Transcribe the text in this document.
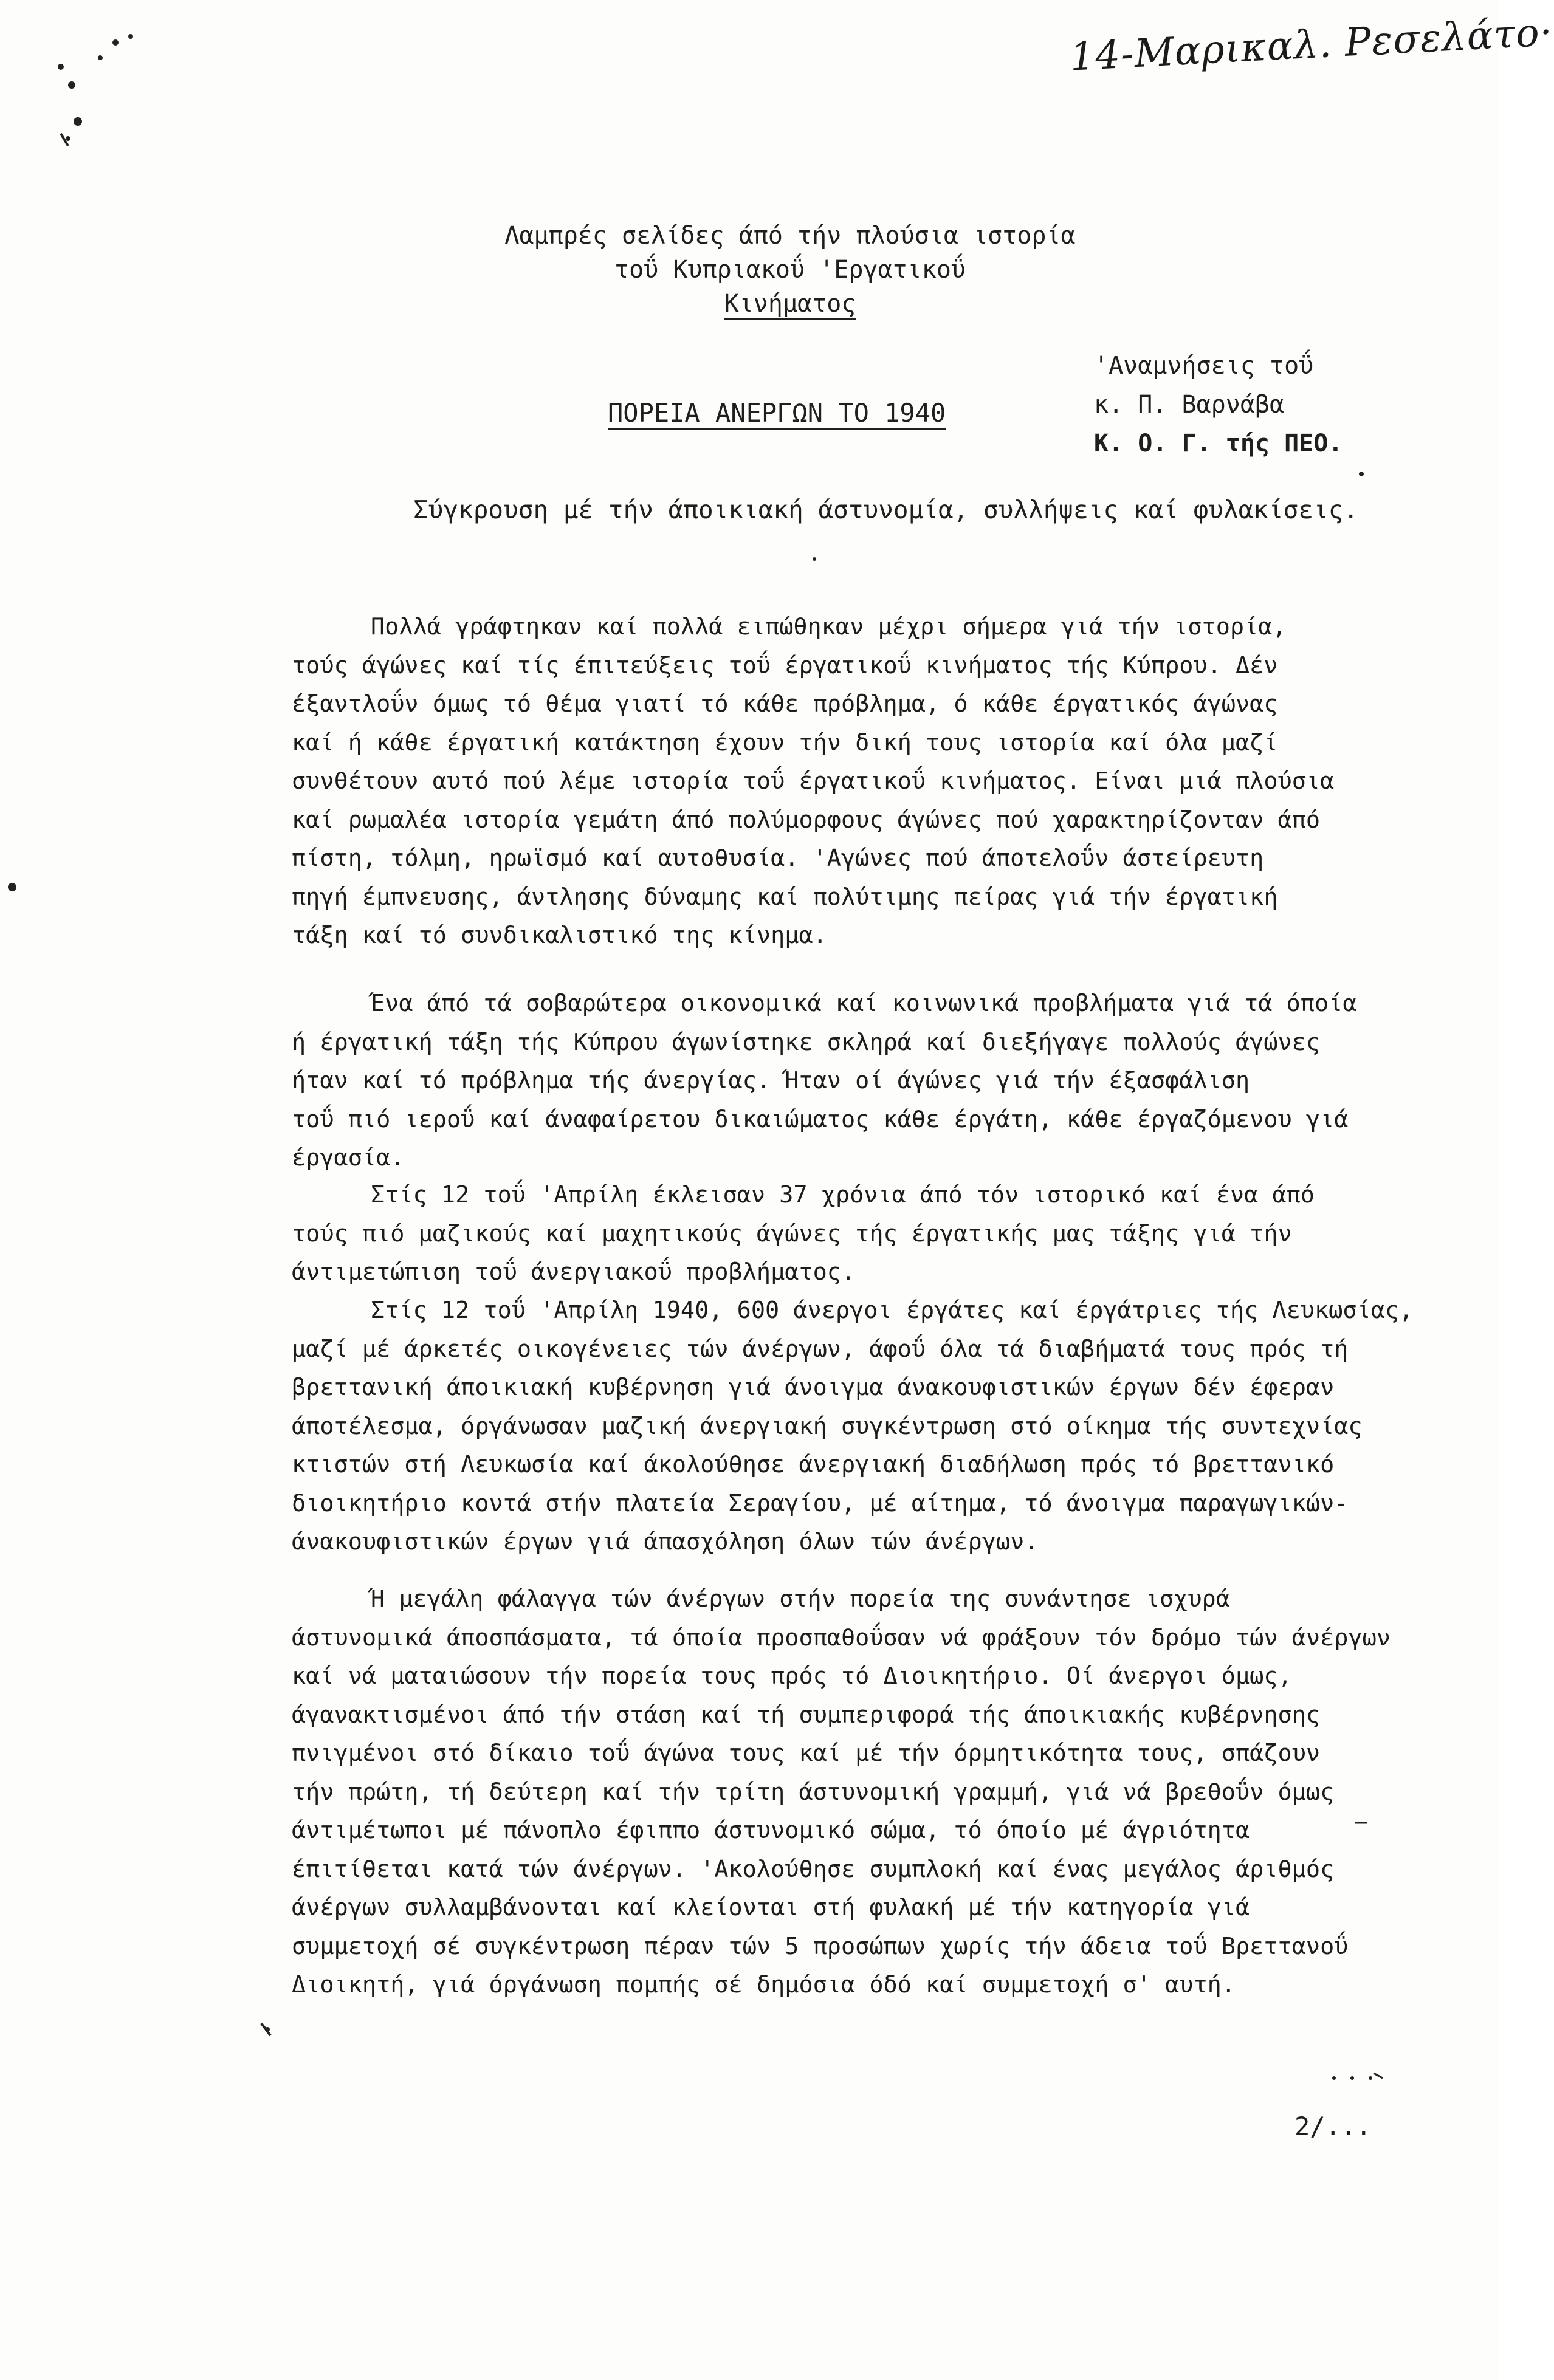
14-Μαρικαλ. Ρεσελάτο·
Λαμπρές σελίδες άπό τήν πλούσια ιστορία
τοΰ Κυπριακοΰ 'Εργατικοΰ
Κινήματος
'Αναμνήσεις τοΰ
κ. Π. Βαρνάβα
Κ. Ο. Γ. τής ΠΕΟ.
ΠΟΡΕΙΑ ΑΝΕΡΓΩΝ ΤΟ 1940
Σύγκρουση μέ τήν άποικιακή άστυνομία, συλλήψεις καί φυλακίσεις.
Πολλά γράφτηκαν καί πολλά ειπώθηκαν μέχρι σήμερα γιά τήν ιστορία,
τούς άγώνες καί τίς έπιτεύξεις τοΰ έργατικοΰ κινήματος τής Κύπρου. Δέν
έξαντλοΰν όμως τό θέμα γιατί τό κάθε πρόβλημα, ό κάθε έργατικός άγώνας
καί ή κάθε έργατική κατάκτηση έχουν τήν δική τους ιστορία καί όλα μαζί
συνθέτουν αυτό πού λέμε ιστορία τοΰ έργατικοΰ κινήματος. Είναι μιά πλούσια
καί ρωμαλέα ιστορία γεμάτη άπό πολύμορφους άγώνες πού χαρακτηρίζονταν άπό
πίστη, τόλμη, ηρωϊσμό καί αυτοθυσία. 'Αγώνες πού άποτελοΰν άστείρευτη
πηγή έμπνευσης, άντλησης δύναμης καί πολύτιμης πείρας γιά τήν έργατική
τάξη καί τό συνδικαλιστικό της κίνημα.
Ένα άπό τά σοβαρώτερα οικονομικά καί κοινωνικά προβλήματα γιά τά όποία
ή έργατική τάξη τής Κύπρου άγωνίστηκε σκληρά καί διεξήγαγε πολλούς άγώνες
ήταν καί τό πρόβλημα τής άνεργίας. Ήταν οί άγώνες γιά τήν έξασφάλιση
τοΰ πιό ιεροΰ καί άναφαίρετου δικαιώματος κάθε έργάτη, κάθε έργαζόμενου γιά
έργασία.
Στίς 12 τοΰ 'Απρίλη έκλεισαν 37 χρόνια άπό τόν ιστορικό καί ένα άπό
τούς πιό μαζικούς καί μαχητικούς άγώνες τής έργατικής μας τάξης γιά τήν
άντιμετώπιση τοΰ άνεργιακοΰ προβλήματος.
Στίς 12 τοΰ 'Απρίλη 1940, 600 άνεργοι έργάτες καί έργάτριες τής Λευκωσίας,
μαζί μέ άρκετές οικογένειες τών άνέργων, άφοΰ όλα τά διαβήματά τους πρός τή
βρεττανική άποικιακή κυβέρνηση γιά άνοιγμα άνακουφιστικών έργων δέν έφεραν
άποτέλεσμα, όργάνωσαν μαζική άνεργιακή συγκέντρωση στό οίκημα τής συντεχνίας
κτιστών στή Λευκωσία καί άκολούθησε άνεργιακή διαδήλωση πρός τό βρεττανικό
διοικητήριο κοντά στήν πλατεία Σεραγίου, μέ αίτημα, τό άνοιγμα παραγωγικών-
άνακουφιστικών έργων γιά άπασχόληση όλων τών άνέργων.
Ή μεγάλη φάλαγγα τών άνέργων στήν πορεία της συνάντησε ισχυρά
άστυνομικά άποσπάσματα, τά όποία προσπαθοΰσαν νά φράξουν τόν δρόμο τών άνέργων
καί νά ματαιώσουν τήν πορεία τους πρός τό Διοικητήριο. Οί άνεργοι όμως,
άγανακτισμένοι άπό τήν στάση καί τή συμπεριφορά τής άποικιακής κυβέρνησης
πνιγμένοι στό δίκαιο τοΰ άγώνα τους καί μέ τήν όρμητικότητα τους, σπάζουν
τήν πρώτη, τή δεύτερη καί τήν τρίτη άστυνομική γραμμή, γιά νά βρεθοΰν όμως
άντιμέτωποι μέ πάνοπλο έφιππο άστυνομικό σώμα, τό όποίο μέ άγριότητα
έπιτίθεται κατά τών άνέργων. 'Ακολούθησε συμπλοκή καί ένας μεγάλος άριθμός
άνέργων συλλαμβάνονται καί κλείονται στή φυλακή μέ τήν κατηγορία γιά
συμμετοχή σέ συγκέντρωση πέραν τών 5 προσώπων χωρίς τήν άδεια τοΰ Βρεττανοΰ
Διοικητή, γιά όργάνωση πομπής σέ δημόσια όδό καί συμμετοχή σ' αυτή.
2/...
